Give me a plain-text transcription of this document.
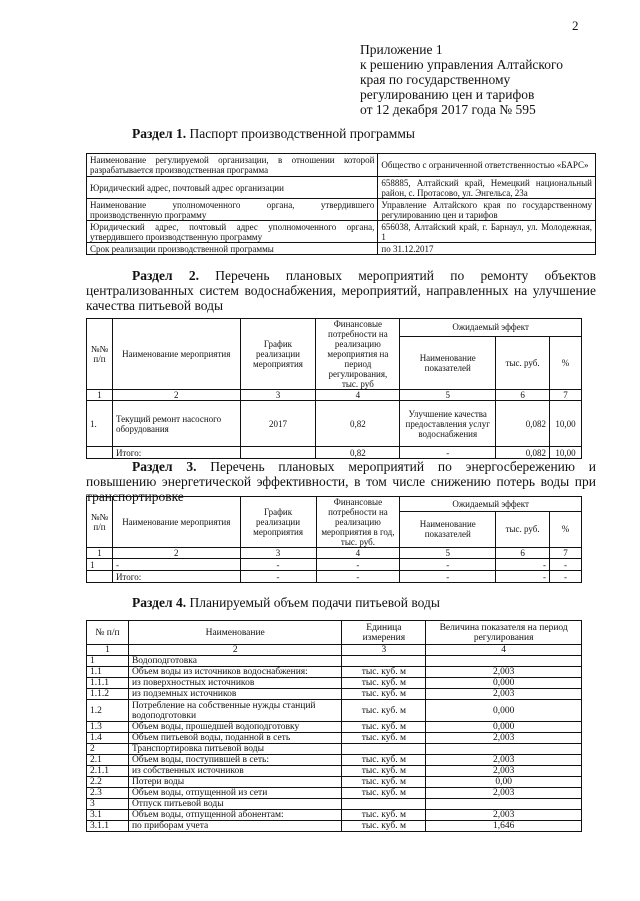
2
Приложение 1
к решению управления Алтайского
края по государственному
регулированию цен и тарифов
от 12 декабря 2017 года № 595
Раздел 1. Паспорт производственной программы
Наименование регулируемой организации, в отношении которой разрабатывается производственная программа	Общество с ограниченной ответственностью «БАРС»
Юридический адрес, почтовый адрес организации	658885, Алтайский край, Немецкий национальный район, с. Протасово, ул. Энгельса, 23а
Наименование уполномоченного органа, утвердившего производственную программу	Управление Алтайского края по государственному регулированию цен и тарифов
Юридический адрес, почтовый адрес уполномоченного органа, утвердившего производственную программу	656038, Алтайский край, г. Барнаул, ул. Молодежная, 1
Срок реализации производственной программы	по 31.12.2017
Раздел 2. Перечень плановых мероприятий по ремонту объектов централизованных систем водоснабжения, мероприятий, направленных на улучшение качества питьевой воды
№№ п/п	Наименование мероприятия	График реализации мероприятия	Финансовые потребности на реализацию мероприятия на период регулирования, тыс. руб	Ожидаемый эффект		
				Наименование показателей	тыс. руб.	%
1	2	3	4	5	6	7
1.	Текущий ремонт насосного оборудования	2017	0,82	Улучшение качества предоставления услуг водоснабжения	0,082	10,00
	Итого:		0,82	-	0,082	10,00
Раздел 3. Перечень плановых мероприятий по энергосбережению и повышению энергетической эффективности, в том числе снижению потерь воды при транспортировке
№№ п/п	Наименование мероприятия	График реализации мероприятия	Финансовые потребности на реализацию мероприятия в год, тыс. руб.	Ожидаемый эффект		
				Наименование показателей	тыс. руб.	%
1	2	3	4	5	6	7
1	-	-	-	-	-	-
	Итого:	-	-	-	-	-
Раздел 4. Планируемый объем подачи питьевой воды
№ п/п	Наименование	Единица измерения	Величина показателя на период регулирования
1	2	3	4
1	Водоподготовка		
1.1	Объем воды из источников водоснабжения:	тыс. куб. м	2,003
1.1.1	из поверхностных источников	тыс. куб. м	0,000
1.1.2	из подземных источников	тыс. куб. м	2,003
1.2	Потребление на собственные нужды станций водоподготовки	тыс. куб. м	0,000
1.3	Объем воды, прошедшей водоподготовку	тыс. куб. м	0,000
1.4	Объем питьевой воды, поданной в сеть	тыс. куб. м	2,003
2	Транспортировка питьевой воды		
2.1	Объем воды, поступившей в сеть:	тыс. куб. м	2,003
2.1.1	из собственных источников	тыс. куб. м	2,003
2.2	Потери воды	тыс. куб. м	0,00
2.3	Объем воды, отпущенной из сети	тыс. куб. м	2,003
3	Отпуск питьевой воды		
3.1	Объем воды, отпущенной абонентам:	тыс. куб. м	2,003
3.1.1	по приборам учета	тыс. куб. м	1,646
